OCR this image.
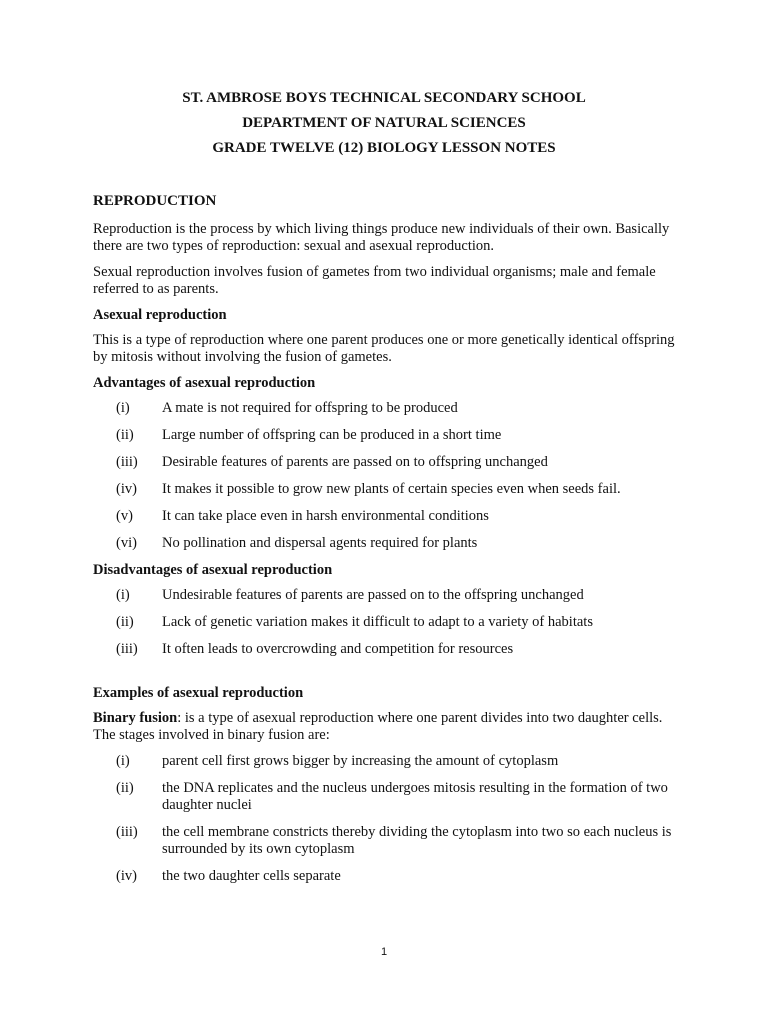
ST. AMBROSE BOYS TECHNICAL SECONDARY SCHOOL
DEPARTMENT OF NATURAL SCIENCES
GRADE TWELVE (12) BIOLOGY LESSON NOTES
REPRODUCTION

Reproduction is the process by which living things produce new individuals of their own. Basically there are two types of reproduction: sexual and asexual reproduction.

Sexual reproduction involves fusion of gametes from two individual organisms; male and female referred to as parents.

Asexual reproduction

This is a type of reproduction where one parent produces one or more genetically identical offspring by mitosis without involving the fusion of gametes.

Advantages of asexual reproduction
(i)	A mate is not required for offspring to be produced
(ii)	Large number of offspring can be produced in a short time
(iii)	Desirable features of parents are passed on to offspring unchanged
(iv)	It makes it possible to grow new plants of certain species even when seeds fail.
(v)	It can take place even in harsh environmental conditions
(vi)	No pollination and dispersal agents required for plants
Disadvantages of asexual reproduction
(i)	Undesirable features of parents are passed on to the offspring unchanged
(ii)	Lack of genetic variation makes it difficult to adapt to a variety of habitats
(iii)	It often leads to overcrowding and competition for resources
Examples of asexual reproduction

Binary fusion: is a type of asexual reproduction where one parent divides into two daughter cells. The stages involved in binary fusion are:

(i)	parent cell first grows bigger by increasing the amount of cytoplasm
(ii)	the DNA replicates and the nucleus undergoes mitosis resulting in the formation of two daughter nuclei
(iii)	the cell membrane constricts thereby dividing the cytoplasm into two so each nucleus is surrounded by its own cytoplasm
(iv)	the two daughter cells separate
1
